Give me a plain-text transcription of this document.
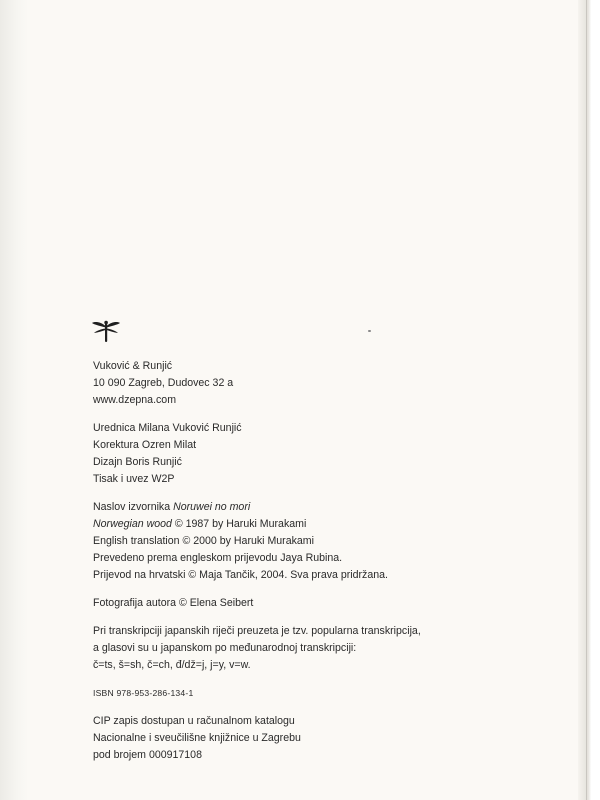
Vuković & Runjić
10 090 Zagreb, Dudovec 32 a
www.dzepna.com
Urednica Milana Vuković Runjić
Korektura Ozren Milat
Dizajn Boris Runjić
Tisak i uvez W2P
Naslov izvornika Noruwei no mori
Norwegian wood © 1987 by Haruki Murakami
English translation © 2000 by Haruki Murakami
Prevedeno prema engleskom prijevodu Jaya Rubina.
Prijevod na hrvatski © Maja Tančik, 2004. Sva prava pridržana.
Fotografija autora © Elena Seibert
Pri transkripciji japanskih riječi preuzeta je tzv. popularna transkripcija,
a glasovi su u japanskom po međunarodnoj transkripciji:
č=ts, š=sh, č=ch, đ/dž=j, j=y, v=w.
ISBN 978-953-286-134-1
CIP zapis dostupan u računalnom katalogu
Nacionalne i sveučilišne knjižnice u Zagrebu
pod brojem 000917108
